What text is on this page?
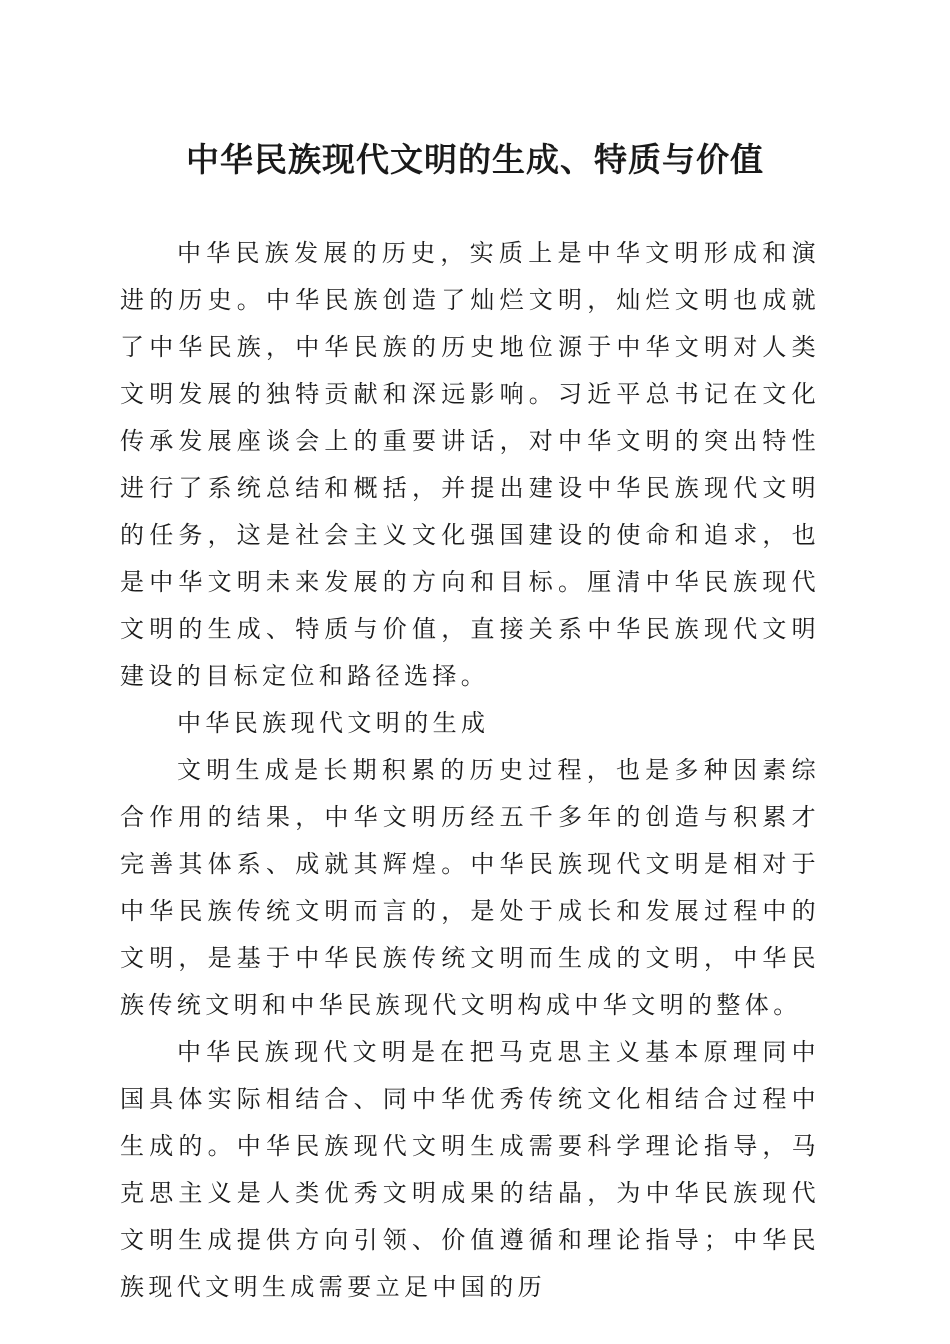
中华民族现代文明的生成、特质与价值

中华民族发展的历史，实质上是中华文明形成和演进的历史。中华民族创造了灿烂文明，灿烂文明也成就了中华民族，中华民族的历史地位源于中华文明对人类文明发展的独特贡献和深远影响。习近平总书记在文化传承发展座谈会上的重要讲话，对中华文明的突出特性进行了系统总结和概括，并提出建设中华民族现代文明的任务，这是社会主义文化强国建设的使命和追求，也是中华文明未来发展的方向和目标。厘清中华民族现代文明的生成、特质与价值，直接关系中华民族现代文明建设的目标定位和路径选择。

中华民族现代文明的生成

文明生成是长期积累的历史过程，也是多种因素综合作用的结果，中华文明历经五千多年的创造与积累才完善其体系、成就其辉煌。中华民族现代文明是相对于中华民族传统文明而言的，是处于成长和发展过程中的文明，是基于中华民族传统文明而生成的文明，中华民族传统文明和中华民族现代文明构成中华文明的整体。

中华民族现代文明是在把马克思主义基本原理同中国具体实际相结合、同中华优秀传统文化相结合过程中生成的。中华民族现代文明生成需要科学理论指导，马克思主义是人类优秀文明成果的结晶，为中华民族现代文明生成提供方向引领、价值遵循和理论指导；中华民族现代文明生成需要立足中国的历
